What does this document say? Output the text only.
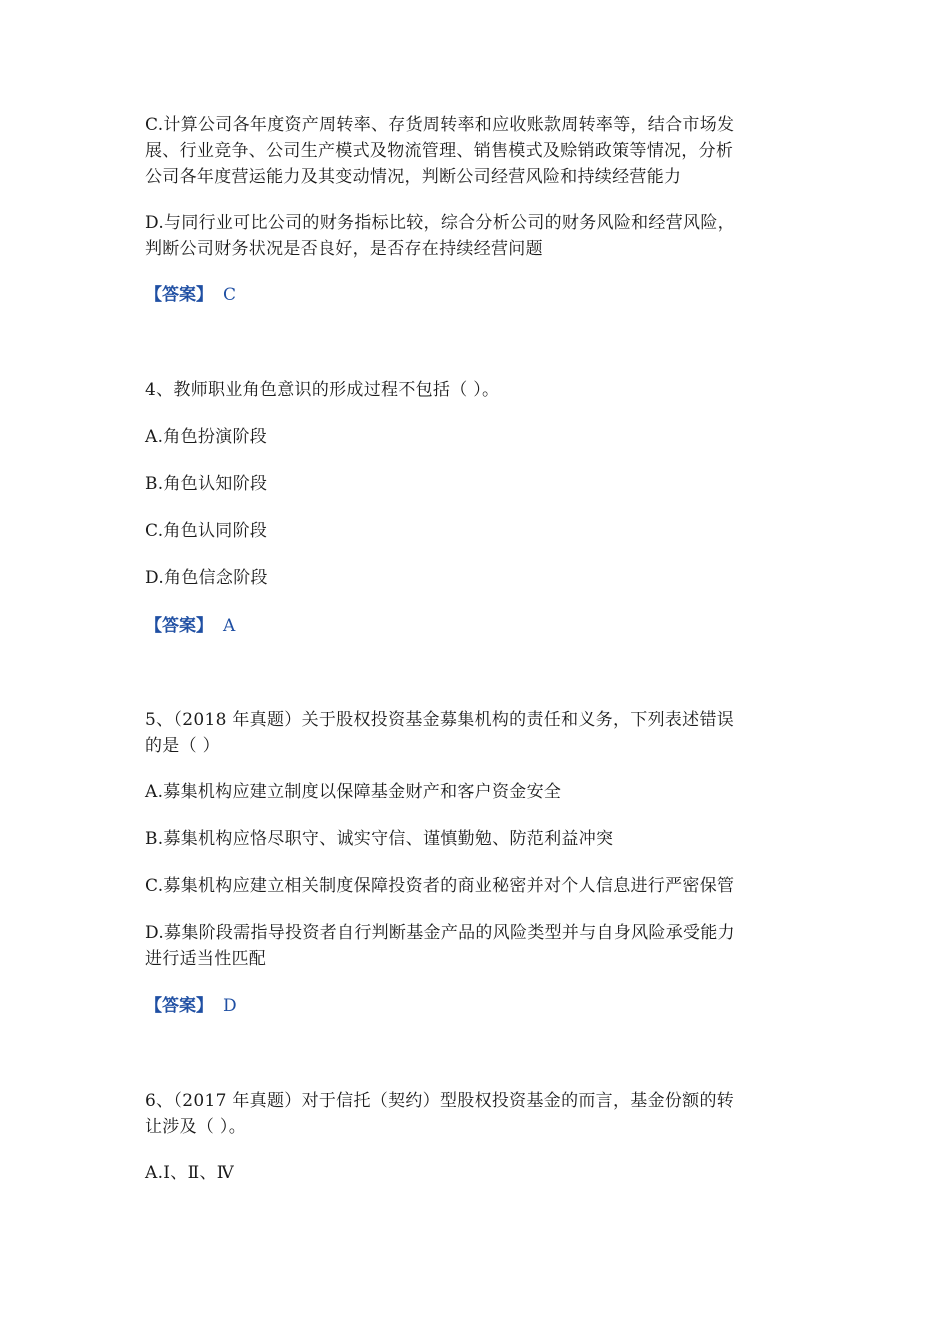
C.计算公司各年度资产周转率、存货周转率和应收账款周转率等，结合市场发
展、行业竞争、公司生产模式及物流管理、销售模式及赊销政策等情况，分析
公司各年度营运能力及其变动情况，判断公司经营风险和持续经营能力
D.与同行业可比公司的财务指标比较，综合分析公司的财务风险和经营风险，
判断公司财务状况是否良好，是否存在持续经营问题
【答案】 C
4、教师职业角色意识的形成过程不包括（ ）。
A.角色扮演阶段
B.角色认知阶段
C.角色认同阶段
D.角色信念阶段
【答案】 A
5、（2018 年真题）关于股权投资基金募集机构的责任和义务，下列表述错误
的是（ ）
A.募集机构应建立制度以保障基金财产和客户资金安全
B.募集机构应恪尽职守、诚实守信、谨慎勤勉、防范利益冲突
C.募集机构应建立相关制度保障投资者的商业秘密并对个人信息进行严密保管
D.募集阶段需指导投资者自行判断基金产品的风险类型并与自身风险承受能力
进行适当性匹配
【答案】 D
6、（2017 年真题）对于信托（契约）型股权投资基金的而言，基金份额的转
让涉及（ ）。
A.Ⅰ、Ⅱ、Ⅳ
